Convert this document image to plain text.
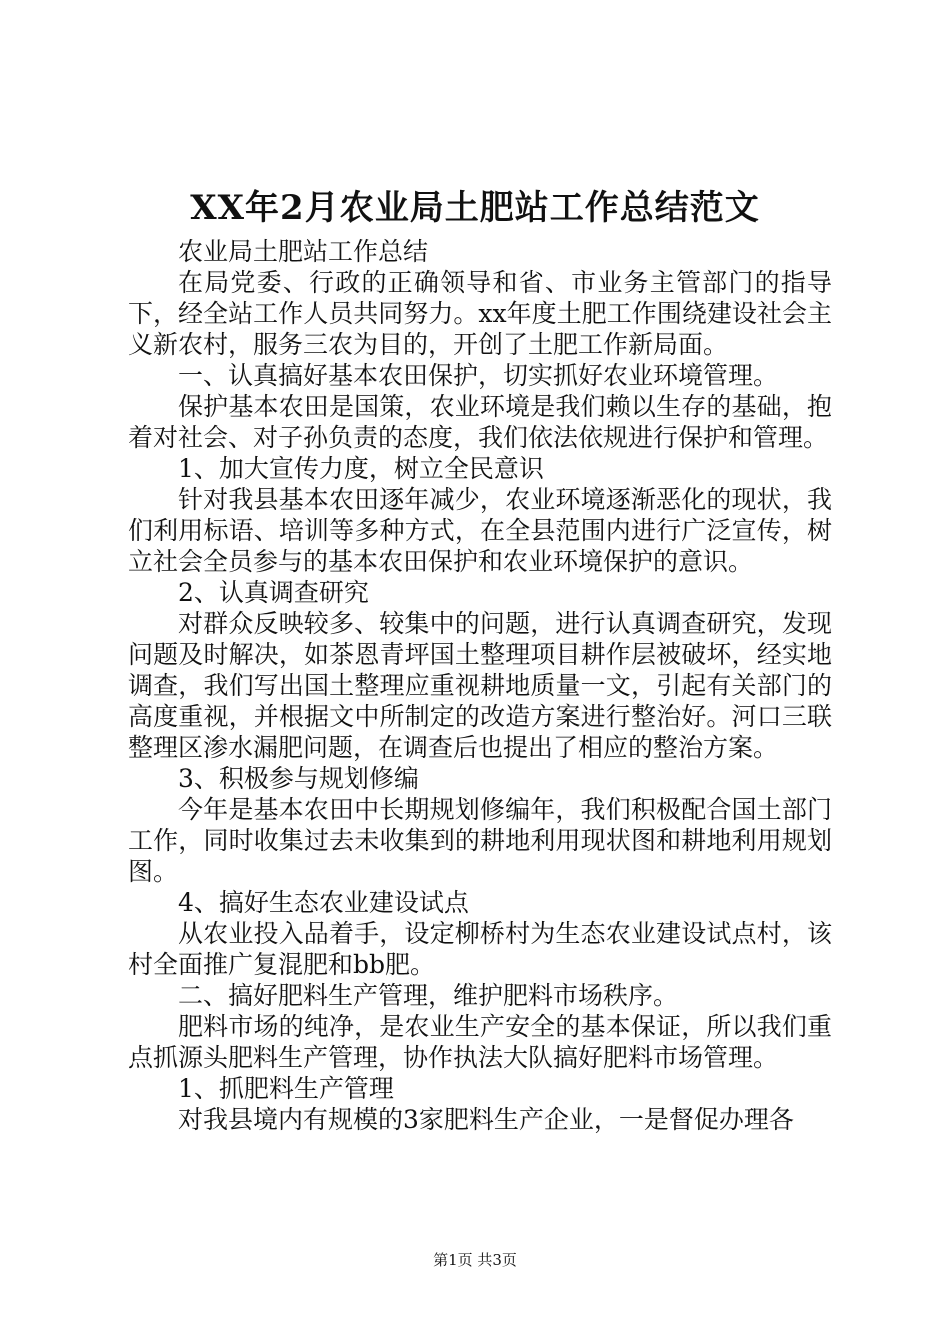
XX年2月农业局土肥站工作总结范文

农业局土肥站工作总结

在局党委、行政的正确领导和省、市业务主管部门的指导下，经全站工作人员共同努力。xx年度土肥工作围绕建设社会主义新农村，服务三农为目的，开创了土肥工作新局面。

一、认真搞好基本农田保护，切实抓好农业环境管理。

保护基本农田是国策，农业环境是我们赖以生存的基础，抱着对社会、对子孙负责的态度，我们依法依规进行保护和管理。

1、加大宣传力度，树立全民意识

针对我县基本农田逐年减少，农业环境逐渐恶化的现状，我们利用标语、培训等多种方式，在全县范围内进行广泛宣传，树立社会全员参与的基本农田保护和农业环境保护的意识。

2、认真调查研究

对群众反映较多、较集中的问题，进行认真调查研究，发现问题及时解决，如茶恩青坪国土整理项目耕作层被破坏，经实地调查，我们写出国土整理应重视耕地质量一文，引起有关部门的高度重视，并根据文中所制定的改造方案进行整治好。河口三联整理区渗水漏肥问题，在调查后也提出了相应的整治方案。

3、积极参与规划修编

今年是基本农田中长期规划修编年，我们积极配合国土部门工作，同时收集过去未收集到的耕地利用现状图和耕地利用规划图。

4、搞好生态农业建设试点

从农业投入品着手，设定柳桥村为生态农业建设试点村，该村全面推广复混肥和bb肥。

二、搞好肥料生产管理，维护肥料市场秩序。

肥料市场的纯净，是农业生产安全的基本保证，所以我们重点抓源头肥料生产管理，协作执法大队搞好肥料市场管理。

1、抓肥料生产管理

对我县境内有规模的3家肥料生产企业，一是督促办理各

第1页 共3页
